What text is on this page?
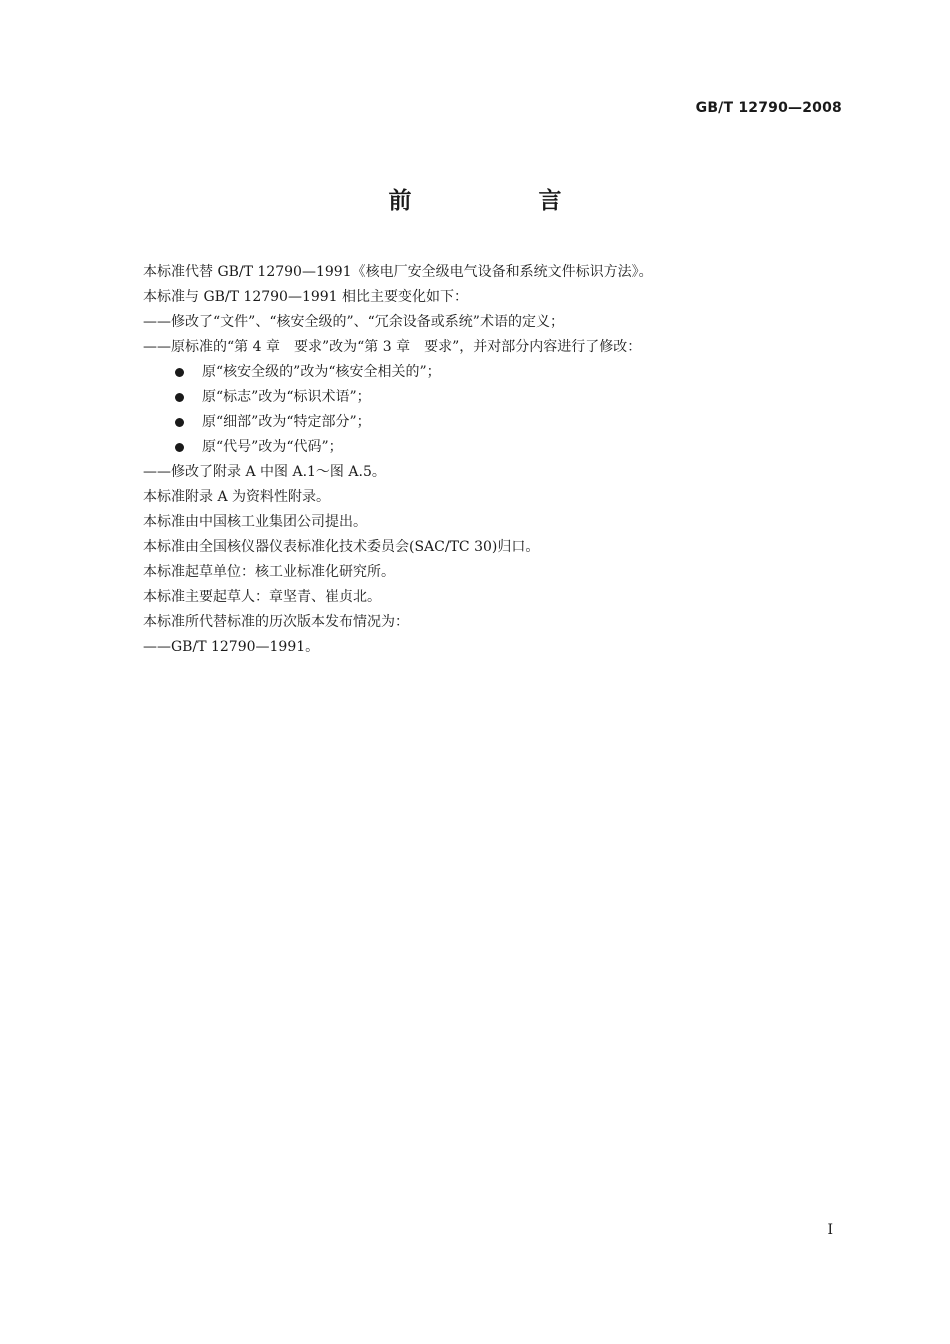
GB/T 12790—2008
前　言
本标准代替 GB/T 12790—1991《核电厂安全级电气设备和系统文件标识方法》。
本标准与 GB/T 12790—1991 相比主要变化如下：
——修改了“文件”、“核安全级的”、“冗余设备或系统”术语的定义；
——原标准的“第 4 章　要求”改为“第 3 章　要求”，并对部分内容进行了修改：
原“核安全级的”改为“核安全相关的”；
原“标志”改为“标识术语”；
原“细部”改为“特定部分”；
原“代号”改为“代码”；
——修改了附录 A 中图 A.1～图 A.5。
本标准附录 A 为资料性附录。
本标准由中国核工业集团公司提出。
本标准由全国核仪器仪表标准化技术委员会(SAC/TC 30)归口。
本标准起草单位：核工业标准化研究所。
本标准主要起草人：章坚青、崔贞北。
本标准所代替标准的历次版本发布情况为：
——GB/T 12790—1991。
I
